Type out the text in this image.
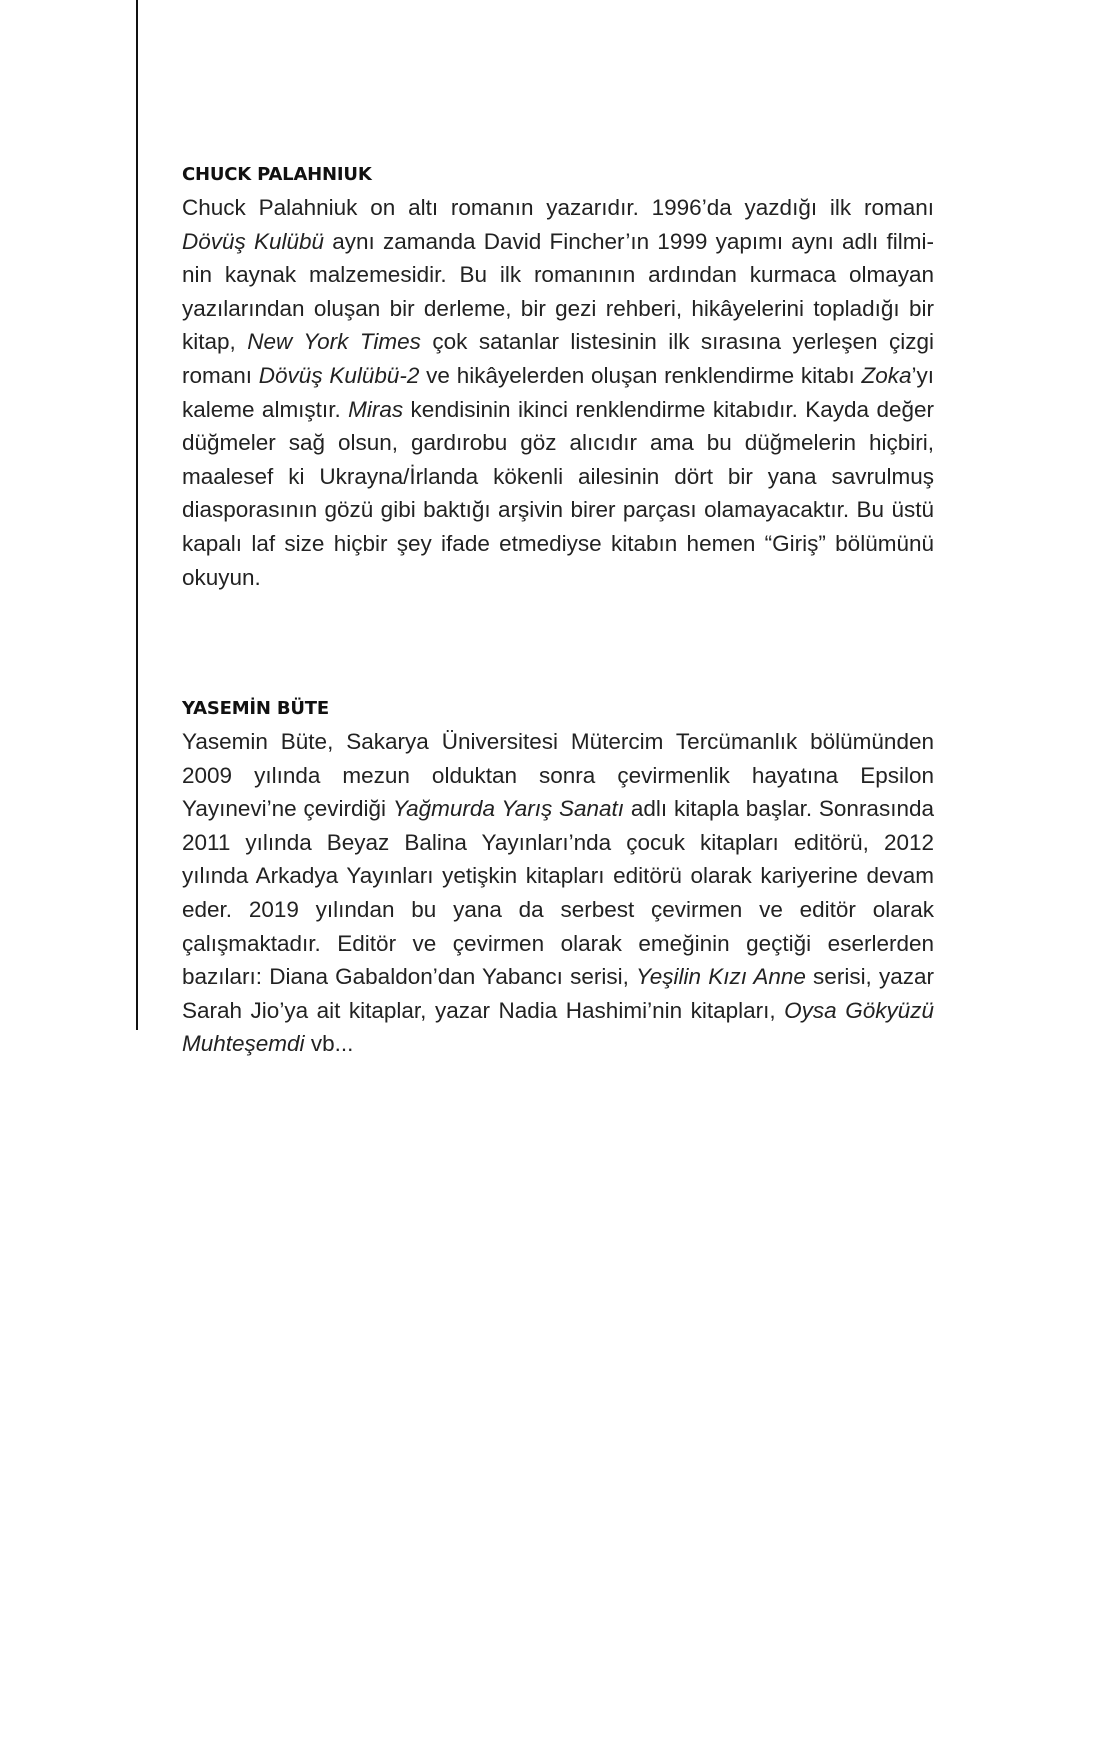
CHUCK PALAHNIUK

Chuck Palahniuk on altı romanın yazarıdır. 1996’da yazdığı ilk romanı Dövüş Kulübü aynı zamanda David Fincher’ın 1999 yapımı aynı adlı filminin kaynak malzemesidir. Bu ilk romanının ardından kurmaca olmayan yazılarından oluşan bir derleme, bir gezi rehberi, hikâyelerini topladığı bir kitap, New York Times çok satanlar listesinin ilk sırasına yerleşen çizgi romanı Dövüş Kulübü-2 ve hikâyelerden oluşan renklendirme kitabı Zoka’yı kaleme almıştır. Miras kendisinin ikinci renklendirme kitabıdır. Kayda değer düğmeler sağ olsun, gardırobu göz alıcıdır ama bu düğmelerin hiçbiri, maalesef ki Ukrayna/İrlanda kökenli ailesinin dört bir yana savrulmuş diasporasının gözü gibi baktığı arşivin birer parçası olamayacaktır. Bu üstü kapalı laf size hiçbir şey ifade etmediyse kitabın hemen “Giriş” bölümünü okuyun.

YASEMİN BÜTE

Yasemin Büte, Sakarya Üniversitesi Mütercim Tercümanlık bölümünden 2009 yılında mezun olduktan sonra çevirmenlik hayatına Epsilon Yayınevi’ne çevirdiği Yağmurda Yarış Sanatı adlı kitapla başlar. Sonrasında 2011 yılında Beyaz Balina Yayınları’nda çocuk kitapları editörü, 2012 yılında Arkadya Yayınları yetişkin kitapları editörü olarak kariyerine devam eder. 2019 yılından bu yana da serbest çevirmen ve editör olarak çalışmaktadır. Editör ve çevirmen olarak emeğinin geçtiği eserlerden bazıları: Diana Gabaldon’dan Yabancı serisi, Yeşilin Kızı Anne serisi, yazar Sarah Jio’ya ait kitaplar, yazar Nadia Hashimi’nin kitapları, Oysa Gökyüzü Muhteşemdi vb...
